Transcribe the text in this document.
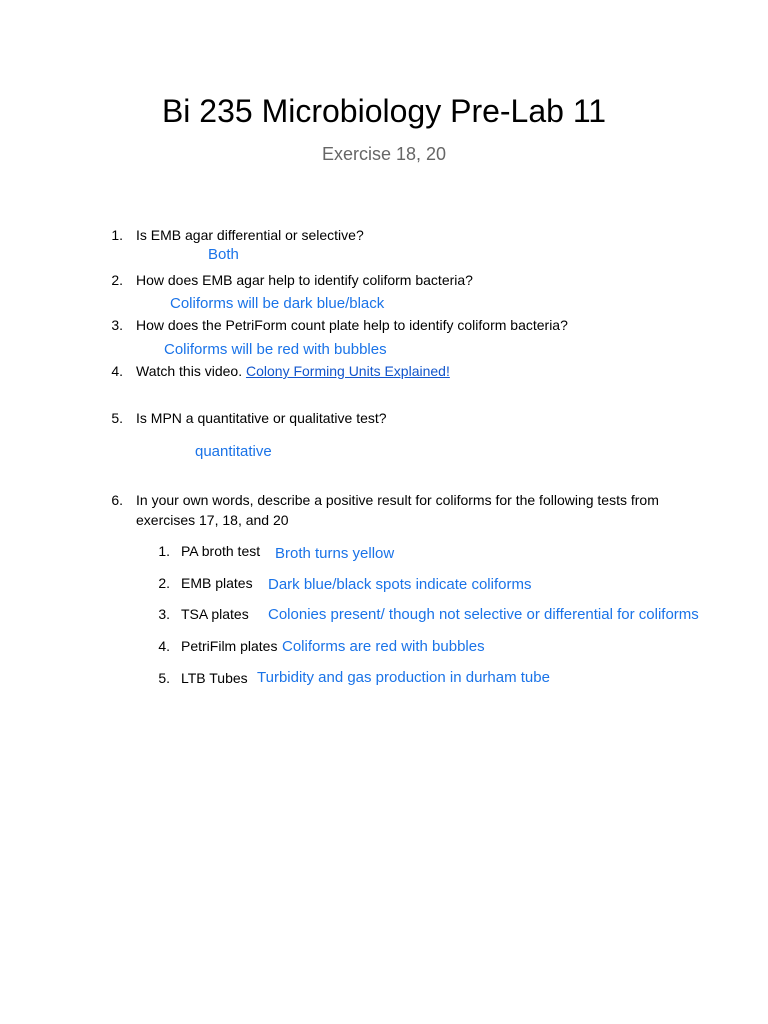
Bi 235 Microbiology Pre-Lab 11
Exercise 18, 20
1. Is EMB agar differential or selective?
Both
2. How does EMB agar help to identify coliform bacteria?
Coliforms will be dark blue/black
3. How does the PetriForm count plate help to identify coliform bacteria?
Coliforms will be red with bubbles
4. Watch this video. Colony Forming Units Explained!
5. Is MPN a quantitative or qualitative test?
quantitative
6. In your own words, describe a positive result for coliforms for the following tests from
exercises 17, 18, and 20
1. PA broth test Broth turns yellow
2. EMB plates Dark blue/black spots indicate coliforms
3. TSA plates Colonies present/ though not selective or differential for coliforms
4. PetriFilm plates Coliforms are red with bubbles
5. LTB Tubes Turbidity and gas production in durham tube
